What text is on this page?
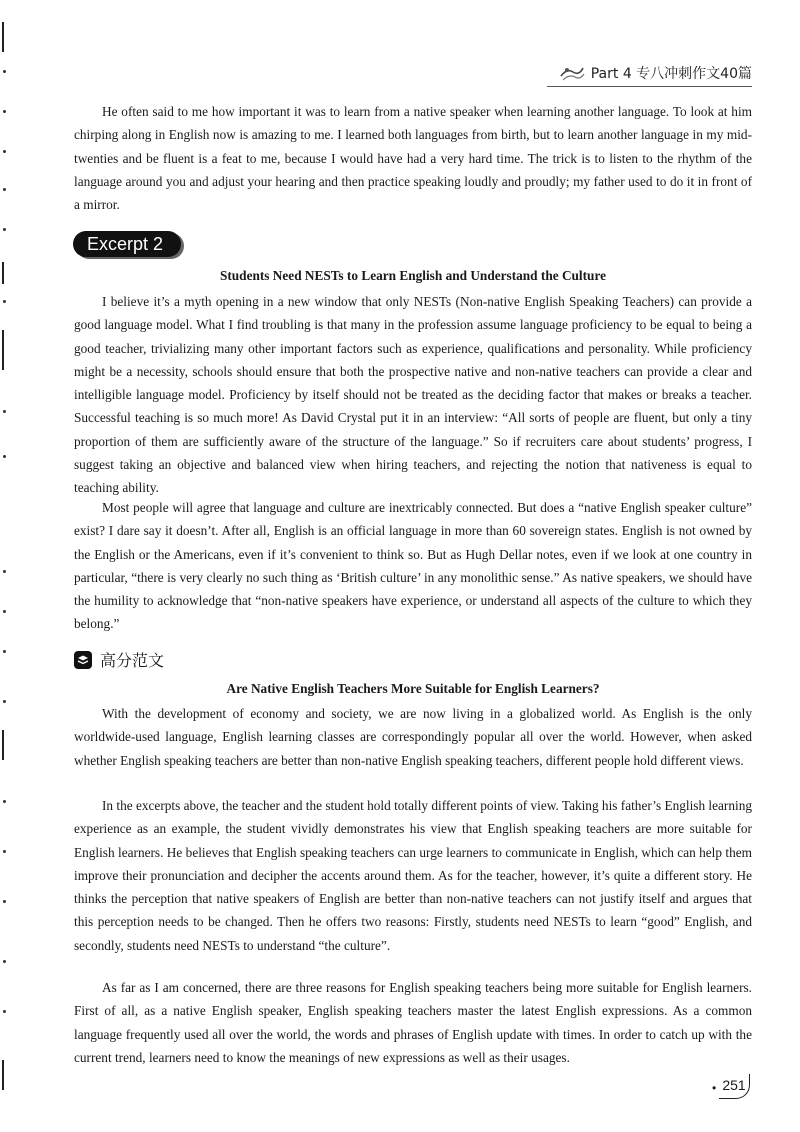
Part 4 专八冲刺作文40篇

He often said to me how important it was to learn from a native speaker when learning another language. To look at him chirping along in English now is amazing to me. I learned both languages from birth, but to learn another language in my mid-twenties and be fluent is a feat to me, because I would have had a very hard time. The trick is to listen to the rhythm of the language around you and adjust your hearing and then practice speaking loudly and proudly; my father used to do it in front of a mirror.

Excerpt 2

Students Need NESTs to Learn English and Understand the Culture

I believe it’s a myth opening in a new window that only NESTs (Non-native English Speaking Teachers) can provide a good language model. What I find troubling is that many in the profession assume language proficiency to be equal to being a good teacher, trivializing many other important factors such as experience, qualifications and personality. While proficiency might be a necessity, schools should ensure that both the prospective native and non-native teachers can provide a clear and intelligible language model. Proficiency by itself should not be treated as the deciding factor that makes or breaks a teacher. Successful teaching is so much more! As David Crystal put it in an interview: “All sorts of people are fluent, but only a tiny proportion of them are sufficiently aware of the structure of the language.” So if recruiters care about students’ progress, I suggest taking an objective and balanced view when hiring teachers, and rejecting the notion that nativeness is equal to teaching ability.

Most people will agree that language and culture are inextricably connected. But does a “native English speaker culture” exist? I dare say it doesn’t. After all, English is an official language in more than 60 sovereign states. English is not owned by the English or the Americans, even if it’s convenient to think so. But as Hugh Dellar notes, even if we look at one country in particular, “there is very clearly no such thing as ‘British culture’ in any monolithic sense.” As native speakers, we should have the humility to acknowledge that “non-native speakers have experience, or understand all aspects of the culture to which they belong.”

高分范文

Are Native English Teachers More Suitable for English Learners?

With the development of economy and society, we are now living in a globalized world. As English is the only worldwide-used language, English learning classes are correspondingly popular all over the world. However, when asked whether English speaking teachers are better than non-native English speaking teachers, different people hold different views.

In the excerpts above, the teacher and the student hold totally different points of view. Taking his father’s English learning experience as an example, the student vividly demonstrates his view that English speaking teachers are more suitable for English learners. He believes that English speaking teachers can urge learners to communicate in English, which can help them improve their pronunciation and decipher the accents around them. As for the teacher, however, it’s quite a different story. He thinks the perception that native speakers of English are better than non-native teachers can not justify itself and argues that this perception needs to be changed. Then he offers two reasons: Firstly, students need NESTs to learn “good” English, and secondly, students need NESTs to understand “the culture”.

As far as I am concerned, there are three reasons for English speaking teachers being more suitable for English learners. First of all, as a native English speaker, English speaking teachers master the latest English expressions. As a common language frequently used all over the world, the words and phrases of English update with times. In order to catch up with the current trend, learners need to know the meanings of new expressions as well as their usages.

• 251
